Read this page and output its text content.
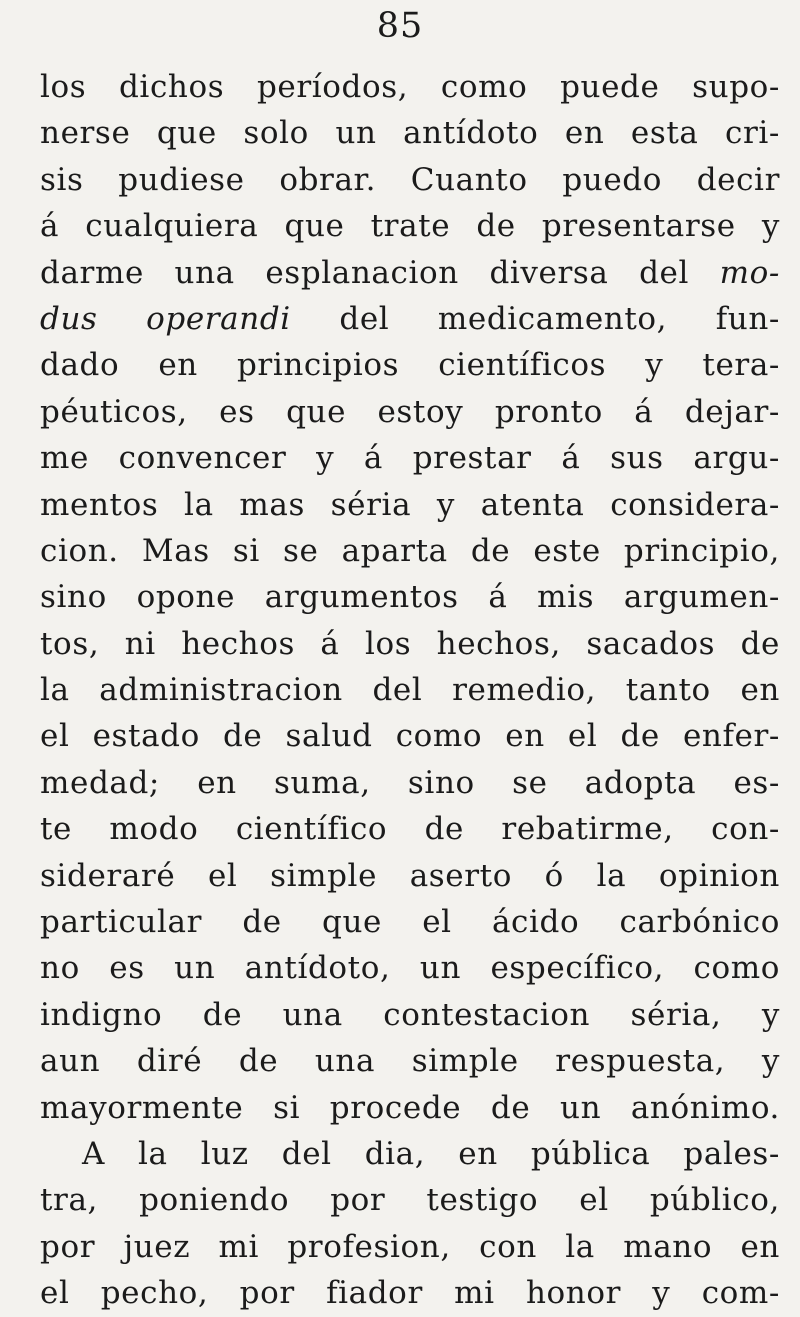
85
los dichos períodos, como puede supo-
nerse que solo un antídoto en esta cri-
sis pudiese obrar. Cuanto puedo decir
á cualquiera que trate de presentarse y
darme una esplanacion diversa del mo-
dus operandi del medicamento, fun-
dado en principios científicos y tera-
péuticos, es que estoy pronto á dejar-
me convencer y á prestar á sus argu-
mentos la mas séria y atenta considera-
cion. Mas si se aparta de este principio,
sino opone argumentos á mis argumen-
tos, ni hechos á los hechos, sacados de
la administracion del remedio, tanto en
el estado de salud como en el de enfer-
medad; en suma, sino se adopta es-
te modo científico de rebatirme, con-
sideraré el simple aserto ó la opinion
particular de que el ácido carbónico
no es un antídoto, un específico, como
indigno de una contestacion séria, y
aun diré de una simple respuesta, y
mayormente si procede de un anónimo.
A la luz del dia, en pública pales-
tra, poniendo por testigo el público,
por juez mi profesion, con la mano en
el pecho, por fiador mi honor y com-
